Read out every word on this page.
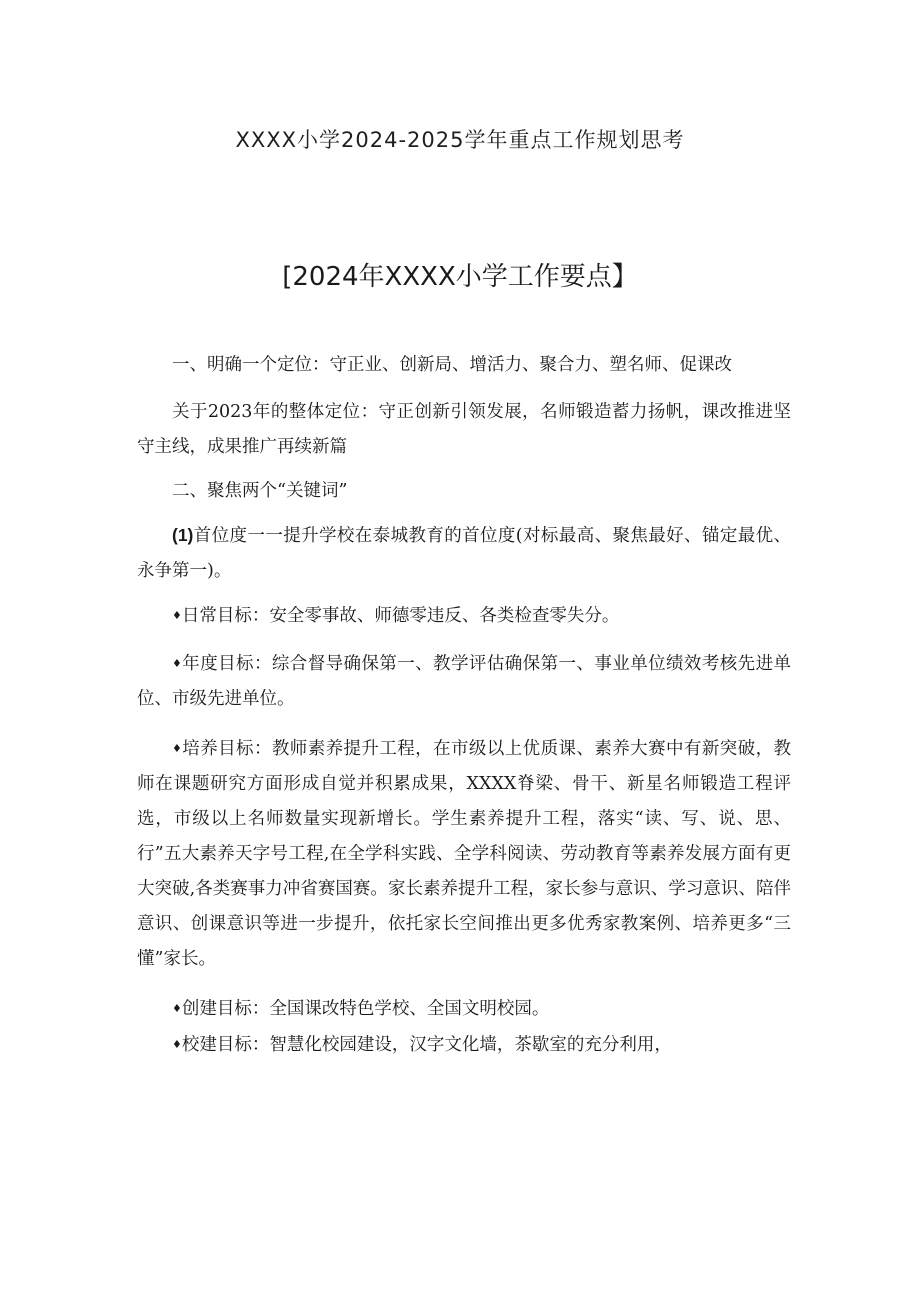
XXXX小学2024-2025学年重点工作规划思考
[2024年XXXX小学工作要点】

一、明确一个定位：守正业、创新局、增活力、聚合力、塑名师、促课改

关于2023年的整体定位：守正创新引领发展，名师锻造蓄力扬帆，课改推进坚守主线，成果推广再续新篇

二、聚焦两个“关键词”

(1)首位度一一提升学校在泰城教育的首位度(对标最高、聚焦最好、锚定最优、永争第一)。

♦日常目标：安全零事故、师德零违反、各类检查零失分。

♦年度目标：综合督导确保第一、教学评估确保第一、事业单位绩效考核先进单位、市级先进单位。

♦培养目标：教师素养提升工程，在市级以上优质课、素养大赛中有新突破，教师在课题研究方面形成自觉并积累成果，XXXX脊梁、骨干、新星名师锻造工程评选，市级以上名师数量实现新增长。学生素养提升工程，落实“读、写、说、思、行”五大素养天字号工程,在全学科实践、全学科阅读、劳动教育等素养发展方面有更大突破,各类赛事力冲省赛国赛。家长素养提升工程，家长参与意识、学习意识、陪伴意识、创课意识等进一步提升，依托家长空间推出更多优秀家教案例、培养更多“三懂”家长。

♦创建目标：全国课改特色学校、全国文明校园。

♦校建目标：智慧化校园建设，汉字文化墙，茶歇室的充分利用，
